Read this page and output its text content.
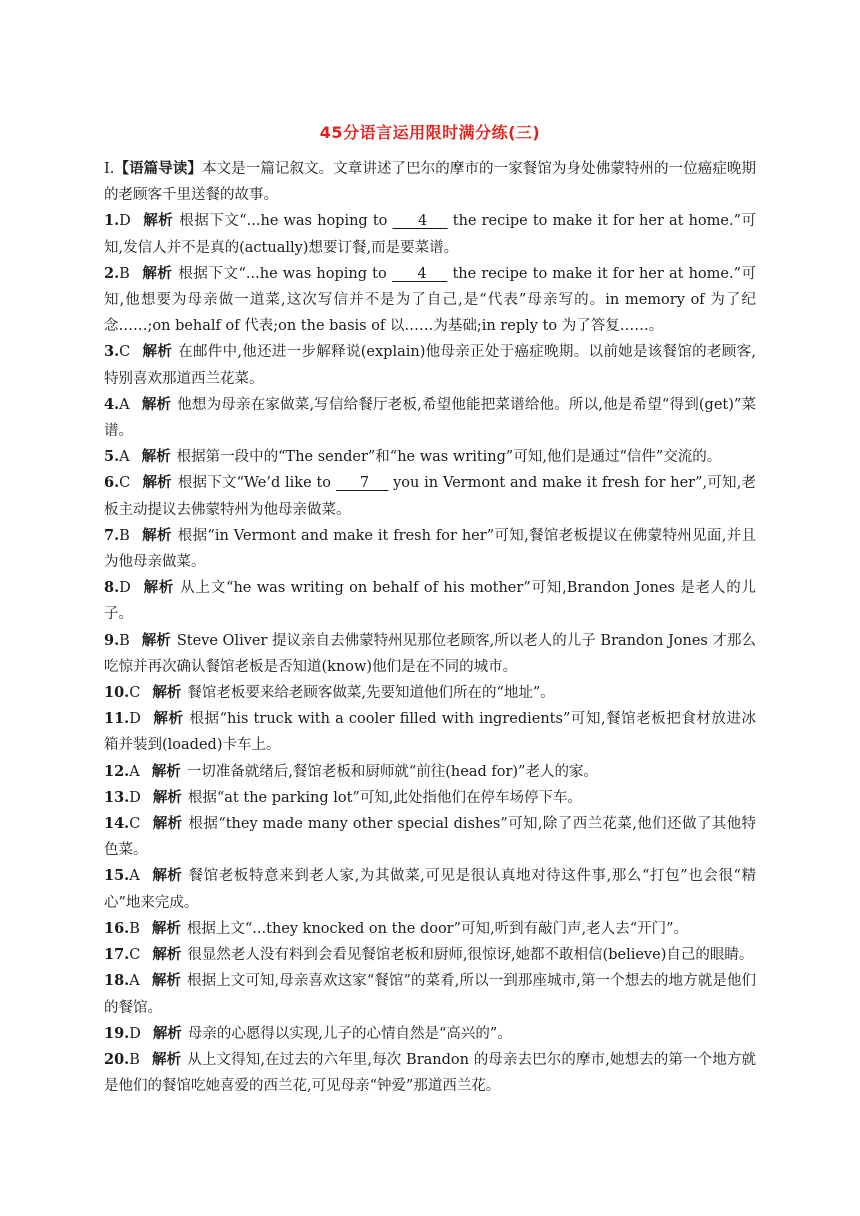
45分语言运用限时满分练(三)

Ⅰ.【语篇导读】本文是一篇记叙文。文章讲述了巴尔的摩市的一家餐馆为身处佛蒙特州的一位癌症晚期的老顾客千里送餐的故事。

1.D 解析 根据下文“...he was hoping to      4     the recipe to make it for her at home.”可知,发信人并不是真的(actually)想要订餐,而是要菜谱。

2.B 解析 根据下文“...he was hoping to      4     the recipe to make it for her at home.”可知,他想要为母亲做一道菜,这次写信并不是为了自己,是“代表”母亲写的。in memory of 为了纪念……;on behalf of 代表;on the basis of 以……为基础;in reply to 为了答复……。

3.C 解析 在邮件中,他还进一步解释说(explain)他母亲正处于癌症晚期。以前她是该餐馆的老顾客,特别喜欢那道西兰花菜。

4.A 解析 他想为母亲在家做菜,写信给餐厅老板,希望他能把菜谱给他。所以,他是希望“得到(get)”菜谱。

5.A 解析 根据第一段中的“The sender”和“he was writing”可知,他们是通过“信件”交流的。

6.C 解析 根据下文“We’d like to      7     you in Vermont and make it fresh for her”,可知,老板主动提议去佛蒙特州为他母亲做菜。

7.B 解析 根据“in Vermont and make it fresh for her”可知,餐馆老板提议在佛蒙特州见面,并且为他母亲做菜。

8.D 解析 从上文“he was writing on behalf of his mother”可知,Brandon Jones 是老人的儿子。

9.B 解析 Steve Oliver 提议亲自去佛蒙特州见那位老顾客,所以老人的儿子 Brandon Jones 才那么吃惊并再次确认餐馆老板是否知道(know)他们是在不同的城市。

10.C 解析 餐馆老板要来给老顾客做菜,先要知道他们所在的“地址”。

11.D 解析 根据“his truck with a cooler filled with ingredients”可知,餐馆老板把食材放进冰箱并装到(loaded)卡车上。

12.A 解析 一切准备就绪后,餐馆老板和厨师就“前往(head for)”老人的家。

13.D 解析 根据“at the parking lot”可知,此处指他们在停车场停下车。

14.C 解析 根据“they made many other special dishes”可知,除了西兰花菜,他们还做了其他特色菜。

15.A 解析 餐馆老板特意来到老人家,为其做菜,可见是很认真地对待这件事,那么“打包”也会很“精心”地来完成。

16.B 解析 根据上文“...they knocked on the door”可知,听到有敲门声,老人去“开门”。

17.C 解析 很显然老人没有料到会看见餐馆老板和厨师,很惊讶,她都不敢相信(believe)自己的眼睛。

18.A 解析 根据上文可知,母亲喜欢这家“餐馆”的菜肴,所以一到那座城市,第一个想去的地方就是他们的餐馆。

19.D 解析 母亲的心愿得以实现,儿子的心情自然是“高兴的”。

20.B 解析 从上文得知,在过去的六年里,每次 Brandon 的母亲去巴尔的摩市,她想去的第一个地方就是他们的餐馆吃她喜爱的西兰花,可见母亲“钟爱”那道西兰花。
